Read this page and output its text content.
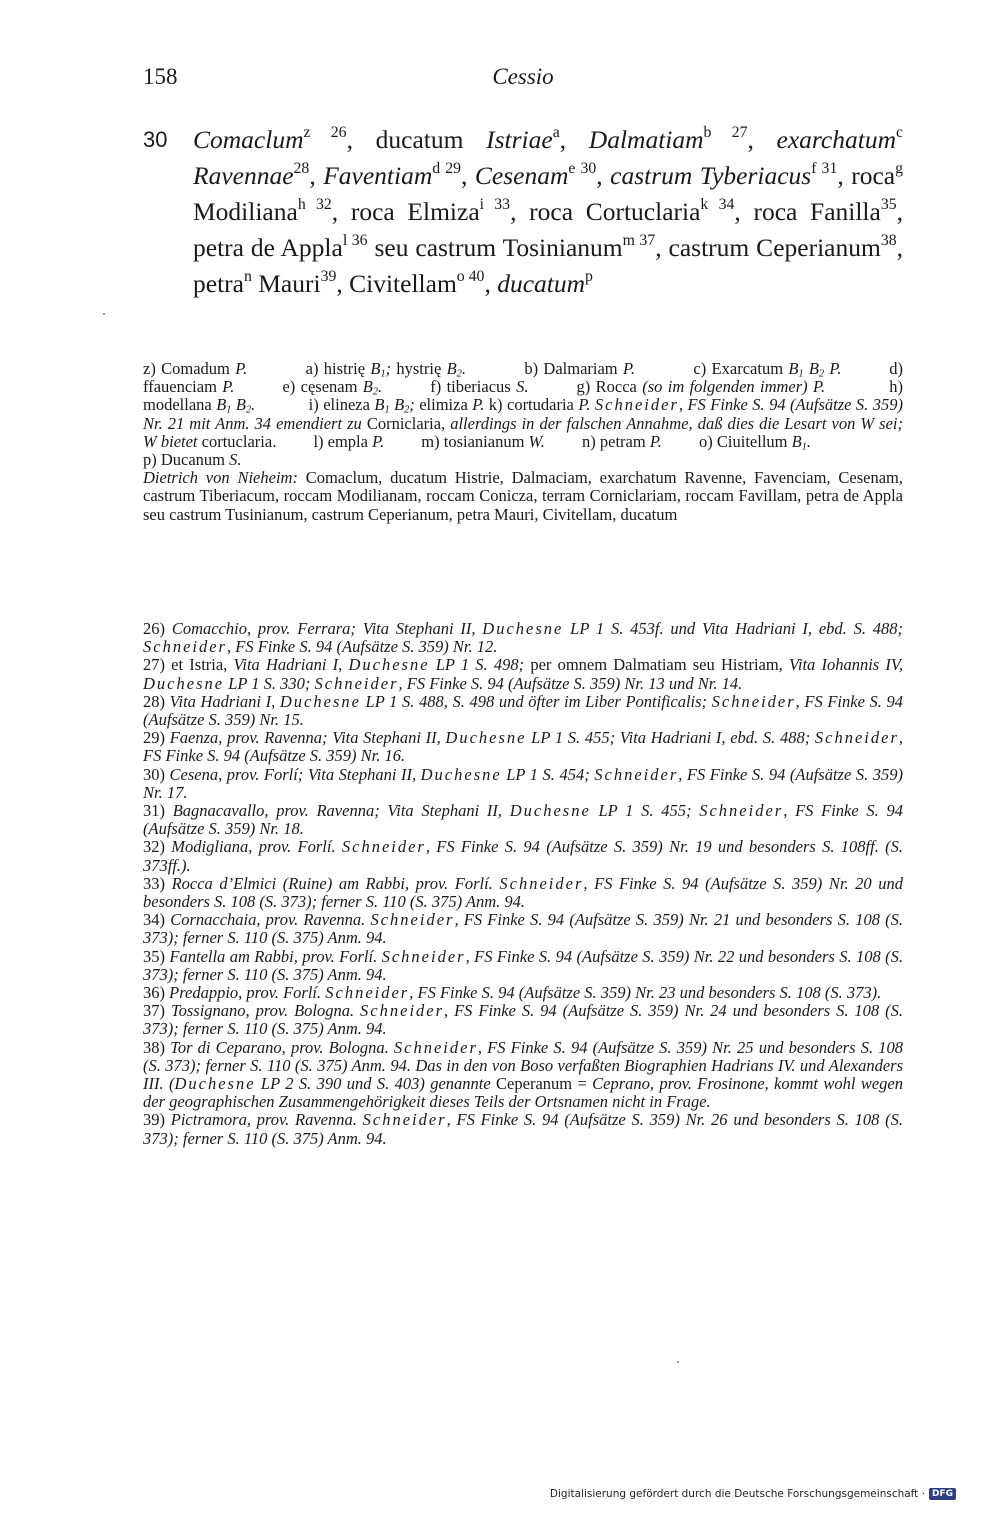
158	Cessio
30 Comaclum$^{z 26}$, ducatum Istriae$^a$, Dalmatiam$^{b 27}$, exarchatum$^c$ Ravennae$^{28}$, Faventiam$^{d 29}$, Cesenam$^{e 30}$, castrum Tyberiacus$^{f 31}$, roca$^g$ Modiliana$^{h 32}$, roca Elmiza$^{i 33}$, roca Cortuclaria$^{k 34}$, roca Fanilla$^{35}$, petra de Appla$^{l 36}$ seu castrum Tosinianum$^{m 37}$, castrum Ceperianum$^{38}$, petra$^n$ Mauri$^{39}$, Civitellam$^{o 40}$, ducatum$^p$

z) Comadum P.           a) histrię $B_1$; hystrię $B_2$.           b) Dalmariam P.           c) Exarcatum $B_1$ $B_2$ P.         d) ffauenciam P.         e) cęsenam $B_2$.         f) tiberiacus S.         g) Rocca (so im folgenden immer) P.            h) modellana $B_1$ $B_2$.            i) elineza $B_1$ $B_2$; elimiza P. k) cortudaria P. Schneider, FS Finke S. 94 (Aufsätze S. 359) Nr. 21 mit Anm. 34 emendiert zu Corniclaria, allerdings in der falschen Annahme, daß dies die Lesart von W sei; W bietet cortuclaria.         l) empla P.         m) tosianianum W.         n) petram P.         o) Ciuitellum $B_1$.
p) Ducanum S.

Dietrich von Nieheim: Comaclum, ducatum Histrie, Dalmaciam, exarchatum Ravenne, Favenciam, Cesenam, castrum Tiberiacum, roccam Modilianam, roccam Conicza, terram Corniclariam, roccam Favillam, petra de Appla seu castrum Tusinianum, castrum Ceperianum, petra Mauri, Civitellam, ducatum

26) Comacchio, prov. Ferrara; Vita Stephani II, Duchesne LP 1 S. 453f. und Vita Hadriani I, ebd. S. 488; Schneider, FS Finke S. 94 (Aufsätze S. 359) Nr. 12.

27) et Istria, Vita Hadriani I, Duchesne LP 1 S. 498; per omnem Dalmatiam seu Histriam, Vita Iohannis IV, Duchesne LP 1 S. 330; Schneider, FS Finke S. 94 (Aufsätze S. 359) Nr. 13 und Nr. 14.

28) Vita Hadriani I, Duchesne LP 1 S. 488, S. 498 und öfter im Liber Pontificalis; Schneider, FS Finke S. 94 (Aufsätze S. 359) Nr. 15.

29) Faenza, prov. Ravenna; Vita Stephani II, Duchesne LP 1 S. 455; Vita Hadriani I, ebd. S. 488; Schneider, FS Finke S. 94 (Aufsätze S. 359) Nr. 16.

30) Cesena, prov. Forlí; Vita Stephani II, Duchesne LP 1 S. 454; Schneider, FS Finke S. 94 (Aufsätze S. 359) Nr. 17.

31) Bagnacavallo, prov. Ravenna; Vita Stephani II, Duchesne LP 1 S. 455; Schneider, FS Finke S. 94 (Aufsätze S. 359) Nr. 18.

32) Modigliana, prov. Forlí. Schneider, FS Finke S. 94 (Aufsätze S. 359) Nr. 19 und besonders S. 108ff. (S. 373ff.).

33) Rocca d’Elmici (Ruine) am Rabbi, prov. Forlí. Schneider, FS Finke S. 94 (Aufsätze S. 359) Nr. 20 und besonders S. 108 (S. 373); ferner S. 110 (S. 375) Anm. 94.

34) Cornacchaia, prov. Ravenna. Schneider, FS Finke S. 94 (Aufsätze S. 359) Nr. 21 und besonders S. 108 (S. 373); ferner S. 110 (S. 375) Anm. 94.

35) Fantella am Rabbi, prov. Forlí. Schneider, FS Finke S. 94 (Aufsätze S. 359) Nr. 22 und besonders S. 108 (S. 373); ferner S. 110 (S. 375) Anm. 94.

36) Predappio, prov. Forlí. Schneider, FS Finke S. 94 (Aufsätze S. 359) Nr. 23 und besonders S. 108 (S. 373).

37) Tossignano, prov. Bologna. Schneider, FS Finke S. 94 (Aufsätze S. 359) Nr. 24 und besonders S. 108 (S. 373); ferner S. 110 (S. 375) Anm. 94.

38) Tor di Ceparano, prov. Bologna. Schneider, FS Finke S. 94 (Aufsätze S. 359) Nr. 25 und besonders S. 108 (S. 373); ferner S. 110 (S. 375) Anm. 94. Das in den von Boso verfaßten Biographien Hadrians IV. und Alexanders III. (Duchesne LP 2 S. 390 und S. 403) genannte Ceperanum = Ceprano, prov. Frosinone, kommt wohl wegen der geographischen Zusammengehörigkeit dieses Teils der Ortsnamen nicht in Frage.

39) Pictramora, prov. Ravenna. Schneider, FS Finke S. 94 (Aufsätze S. 359) Nr. 26 und besonders S. 108 (S. 373); ferner S. 110 (S. 375) Anm. 94.

Digitalisierung gefördert durch die Deutsche Forschungsgemeinschaft · DFG
